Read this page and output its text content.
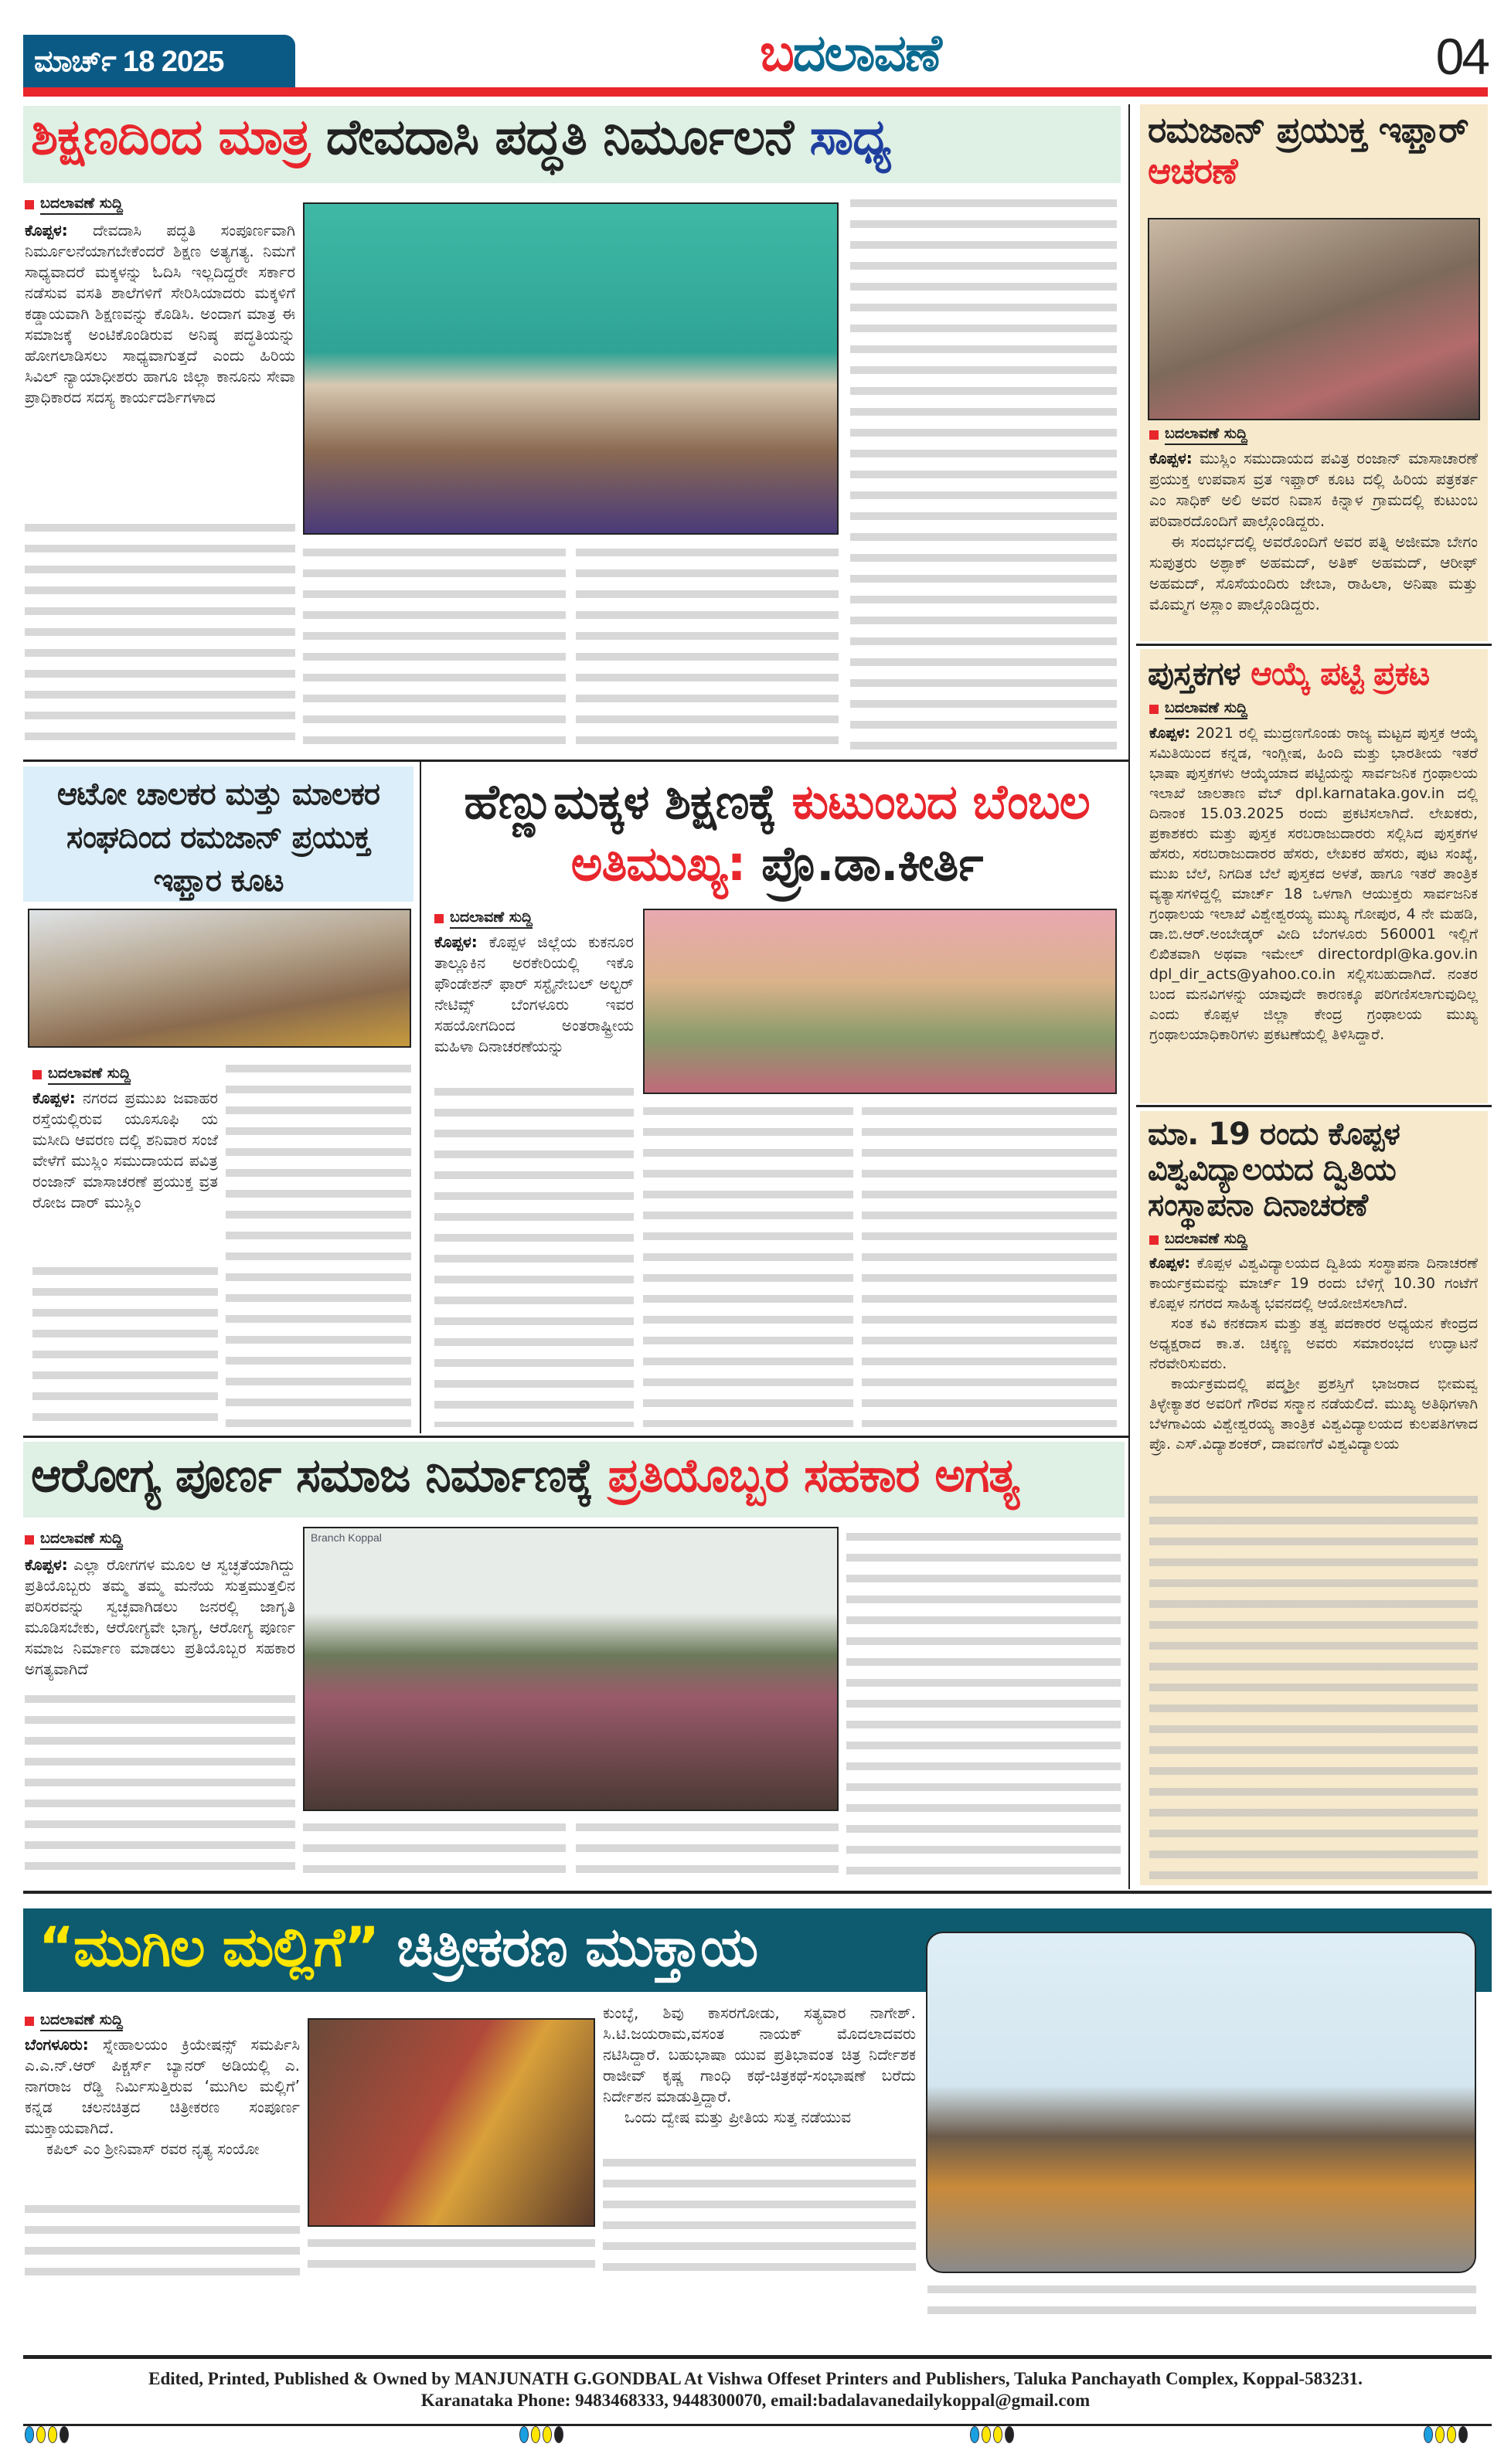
ಮಾರ್ಚ್ 18 2025	ಬದಲಾವಣೆ	04
ಶಿಕ್ಷಣದಿಂದ ಮಾತ್ರ ದೇವದಾಸಿ ಪದ್ಧತಿ ನಿರ್ಮೂಲನೆ ಸಾಧ್ಯ
ಬದಲಾವಣೆ ಸುದ್ದಿ
ಕೊಪ್ಪಳ: ದೇವದಾಸಿ ಪದ್ಧತಿ ಸಂಪೂರ್ಣವಾಗಿ ನಿರ್ಮೂಲನೆಯಾಗಬೇಕೆಂದರೆ ಶಿಕ್ಷಣ ಅತ್ಯಗತ್ಯ. ನಿಮಗೆ ಸಾಧ್ಯವಾದರೆ ಮಕ್ಕಳನ್ನು ಓದಿಸಿ ಇಲ್ಲದಿದ್ದರೇ ಸರ್ಕಾರ ನಡೆಸುವ ವಸತಿ ಶಾಲೆಗಳಿಗೆ ಸೇರಿಸಿಯಾದರು ಮಕ್ಕಳಿಗೆ ಕಡ್ಡಾಯವಾಗಿ ಶಿಕ್ಷಣವನ್ನು ಕೊಡಿಸಿ. ಅಂದಾಗ ಮಾತ್ರ ಈ ಸಮಾಜಕ್ಕೆ ಅಂಟಿಕೊಂಡಿರುವ ಅನಿಷ್ಠ ಪದ್ಧತಿಯನ್ನು ಹೋಗಲಾಡಿಸಲು ಸಾಧ್ಯವಾಗುತ್ತದೆ ಎಂದು ಹಿರಿಯ ಸಿವಿಲ್ ನ್ಯಾಯಾಧೀಶರು ಹಾಗೂ ಜಿಲ್ಲಾ ಕಾನೂನು ಸೇವಾ ಪ್ರಾಧಿಕಾರದ ಸದಸ್ಯ ಕಾರ್ಯದರ್ಶಿಗಳಾದ
ರಮಜಾನ್ ಪ್ರಯುಕ್ತ ಇಫ್ತಾರ್ ಆಚರಣೆ
ಬದಲಾವಣೆ ಸುದ್ದಿ

ಕೊಪ್ಪಳ: ಮುಸ್ಲಿಂ ಸಮುದಾಯದ ಪವಿತ್ರ ರಂಜಾನ್ ಮಾಸಾಚಾರಣೆ ಪ್ರಯುಕ್ತ ಉಪವಾಸ ವ್ರತ ಇಫ್ತಾರ್ ಕೂಟ ದಲ್ಲಿ ಹಿರಿಯ ಪತ್ರಕರ್ತ ಎಂ ಸಾಧಿಕ್ ಅಲಿ ಅವರ ನಿವಾಸ ಕಿನ್ನಾಳ ಗ್ರಾಮದಲ್ಲಿ ಕುಟುಂಬ ಪರಿವಾರದೊಂದಿಗೆ ಪಾಲ್ಗೊಂಡಿದ್ದರು.

ಈ ಸಂದರ್ಭದಲ್ಲಿ ಅವರೊಂದಿಗೆ ಅವರ ಪತ್ನಿ ಅಜೀಮಾ ಬೇಗಂ ಸುಪುತ್ರರು ಅಶ್ಫಾಕ್ ಅಹಮದ್, ಅತಿಕ್ ಅಹಮದ್, ಆರೀಫ್ ಅಹಮದ್, ಸೊಸೆಯಂದಿರು ಜೇಬಾ, ರಾಹಿಲಾ, ಅನಿಷಾ ಮತ್ತು ಮೊಮ್ಮಗ ಅಸ್ಲಾಂ ಪಾಲ್ಗೊಂಡಿದ್ದರು.

ಪುಸ್ತಕಗಳ ಆಯ್ಕೆ ಪಟ್ಟಿ ಪ್ರಕಟ
ಬದಲಾವಣೆ ಸುದ್ದಿ
ಕೊಪ್ಪಳ: 2021 ರಲ್ಲಿ ಮುದ್ರಣಗೊಂಡು ರಾಜ್ಯ ಮಟ್ಟದ ಪುಸ್ತಕ ಆಯ್ಕೆ ಸಮಿತಿಯಿಂದ ಕನ್ನಡ, ಇಂಗ್ಲೀಷ, ಹಿಂದಿ ಮತ್ತು ಭಾರತೀಯ ಇತರೆ ಭಾಷಾ ಪುಸ್ತಕಗಳು ಆಯ್ಕೆಯಾದ ಪಟ್ಟಿಯನ್ನು ಸಾರ್ವಜನಿಕ ಗ್ರಂಥಾಲಯ ಇಲಾಖೆ ಜಾಲತಾಣ ವೆಬ್ dpl.karnataka.gov.in ದಲ್ಲಿ ದಿನಾಂಕ 15.03.2025 ರಂದು ಪ್ರಕಟಿಸಲಾಗಿದೆ. ಲೇಖಕರು, ಪ್ರಕಾಶಕರು ಮತ್ತು ಪುಸ್ತಕ ಸರಬರಾಜುದಾರರು ಸಲ್ಲಿಸಿದ ಪುಸ್ತಕಗಳ ಹೆಸರು, ಸರಬರಾಜುದಾರರ ಹೆಸರು, ಲೇಖಕರ ಹೆಸರು, ಪುಟ ಸಂಖ್ಯೆ, ಮುಖ ಬೆಲೆ, ನಿಗದಿತ ಬೆಲೆ ಪುಸ್ತಕದ ಅಳತೆ, ಹಾಗೂ ಇತರೆ ತಾಂತ್ರಿಕ ವ್ಯತ್ಯಾಸಗಳಿದ್ದಲ್ಲಿ ಮಾರ್ಚ್ 18 ಒಳಗಾಗಿ ಆಯುಕ್ತರು ಸಾರ್ವಜನಿಕ ಗ್ರಂಥಾಲಯ ಇಲಾಖೆ ವಿಶ್ವೇಶ್ವರಯ್ಯ ಮುಖ್ಯ ಗೋಪುರ, 4 ನೇ ಮಹಡಿ, ಡಾ.ಬಿ.ಆರ್.ಅಂಬೇಡ್ಕರ್ ವೀದಿ ಬೆಂಗಳೂರು 560001 ಇಲ್ಲಿಗೆ ಲಿಖಿತವಾಗಿ ಅಥವಾ ಇಮೇಲ್ directordpl@ka.gov.in dpl_dir_acts@yahoo.co.in ಸಲ್ಲಿಸಬಹುದಾಗಿದೆ. ನಂತರ ಬಂದ ಮನವಿಗಳನ್ನು ಯಾವುದೇ ಕಾರಣಕ್ಕೂ ಪರಿಗಣಿಸಲಾಗುವುದಿಲ್ಲ ಎಂದು ಕೊಪ್ಪಳ ಜಿಲ್ಲಾ ಕೇಂದ್ರ ಗ್ರಂಥಾಲಯ ಮುಖ್ಯ ಗ್ರಂಥಾಲಯಾಧಿಕಾರಿಗಳು ಪ್ರಕಟಣೆಯಲ್ಲಿ ತಿಳಿಸಿದ್ದಾರೆ.
ಮಾ. 19 ರಂದು ಕೊಪ್ಪಳ ವಿಶ್ವವಿದ್ಯಾಲಯದ ದ್ವಿತಿಯ ಸಂಸ್ಥಾಪನಾ ದಿನಾಚರಣೆ
ಬದಲಾವಣೆ ಸುದ್ದಿ

ಕೊಪ್ಪಳ: ಕೊಪ್ಪಳ ವಿಶ್ವವಿದ್ಯಾಲಯದ ದ್ವಿತಿಯ ಸಂಸ್ಥಾಪನಾ ದಿನಾಚರಣೆ ಕಾರ್ಯಕ್ರಮವನ್ನು ಮಾರ್ಚ್ 19 ರಂದು ಬೆಳಿಗ್ಗೆ 10.30 ಗಂಟೆಗೆ ಕೊಪ್ಪಳ ನಗರದ ಸಾಹಿತ್ಯ ಭವನದಲ್ಲಿ ಆಯೋಜಿಸಲಾಗಿದೆ.

ಸಂತ ಕವಿ ಕನಕದಾಸ ಮತ್ತು ತತ್ವ ಪದಕಾರರ ಅಧ್ಯಯನ ಕೇಂದ್ರದ ಅಧ್ಯಕ್ಷರಾದ ಕಾ.ತ. ಚಿಕ್ಕಣ್ಣ ಅವರು ಸಮಾರಂಭದ ಉದ್ಘಾಟನೆ ನೆರವೇರಿಸುವರು.

ಕಾರ್ಯಕ್ರಮದಲ್ಲಿ ಪದ್ಮಶ್ರೀ ಪ್ರಶಸ್ತಿಗೆ ಭಾಜರಾದ ಭೀಮವ್ವ ತಿಳ್ಳೇಕ್ಯಾತರ ಅವರಿಗೆ ಗೌರವ ಸನ್ಮಾನ ನಡೆಯಲಿದೆ. ಮುಖ್ಯ ಅತಿಥಿಗಳಾಗಿ ಬೆಳಗಾವಿಯ ವಿಶ್ವೇಶ್ವರಯ್ಯ ತಾಂತ್ರಿಕ ವಿಶ್ವವಿದ್ಯಾಲಯದ ಕುಲಪತಿಗಳಾದ ಪ್ರೊ. ಎಸ್.ವಿದ್ಯಾಶಂಕರ್, ದಾವಣಗೆರೆ ವಿಶ್ವವಿದ್ಯಾಲಯ

ಆಟೋ ಚಾಲಕರ ಮತ್ತು ಮಾಲಕರ ಸಂಘದಿಂದ ರಮಜಾನ್ ಪ್ರಯುಕ್ತ ಇಫ್ತಾರ ಕೂಟ
ಬದಲಾವಣೆ ಸುದ್ದಿ
ಕೊಪ್ಪಳ: ನಗರದ ಪ್ರಮುಖ ಜವಾಹರ ರಸ್ತೆಯಲ್ಲಿರುವ ಯೂಸೂಫಿ ಯ ಮಸೀದಿ ಆವರಣ ದಲ್ಲಿ ಶನಿವಾರ ಸಂಜೆ ವೇಳೆಗೆ ಮುಸ್ಲಿಂ ಸಮುದಾಯದ ಪವಿತ್ರ ರಂಜಾನ್ ಮಾಸಾಚರಣೆ ಪ್ರಯುಕ್ತ ವ್ರತ ರೋಜ ದಾರ್ ಮುಸ್ಲಿಂ
ಹೆಣ್ಣುಮಕ್ಕಳ ಶಿಕ್ಷಣಕ್ಕೆ ಕುಟುಂಬದ ಬೆಂಬಲ ಅತಿಮುಖ್ಯ: ಪ್ರೊ.ಡಾ.ಕೀರ್ತಿ
ಬದಲಾವಣೆ ಸುದ್ದಿ
ಕೊಪ್ಪಳ: ಕೊಪ್ಪಳ ಜಿಲ್ಲೆಯ ಕುಕನೂರ ತಾಲ್ಲೂಕಿನ ಅರಕೇರಿಯಲ್ಲಿ ಇಕೊ ಫೌಂಡೇಶನ್ ಫಾರ್ ಸಸ್ಟೈನೇಬಲ್ ಅಲ್ಟರ್ ನೇಟಿವ್ಸ್ ಬೆಂಗಳೂರು ಇವರ ಸಹಯೋಗದಿಂದ ಅಂತರಾಷ್ಟ್ರೀಯ ಮಹಿಳಾ ದಿನಾಚರಣೆಯನ್ನು
ಆರೋಗ್ಯ ಪೂರ್ಣ ಸಮಾಜ ನಿರ್ಮಾಣಕ್ಕೆ ಪ್ರತಿಯೊಬ್ಬರ ಸಹಕಾರ ಅಗತ್ಯ
ಬದಲಾವಣೆ ಸುದ್ದಿ
ಕೊಪ್ಪಳ: ಎಲ್ಲಾ ರೋಗಗಳ ಮೂಲ ಆ ಸ್ವಚ್ಛತೆಯಾಗಿದ್ದು ಪ್ರತಿಯೊಬ್ಬರು ತಮ್ಮ ತಮ್ಮ ಮನೆಯ ಸುತ್ತಮುತ್ತಲಿನ ಪರಿಸರವನ್ನು ಸ್ವಚ್ಛವಾಗಿಡಲು ಜನರಲ್ಲಿ ಜಾಗೃತಿ ಮೂಡಿಸಬೇಕು, ಆರೋಗ್ಯವೇ ಭಾಗ್ಯ, ಆರೋಗ್ಯ ಪೂರ್ಣ ಸಮಾಜ ನಿರ್ಮಾಣ ಮಾಡಲು ಪ್ರತಿಯೊಬ್ಬರ ಸಹಕಾರ ಅಗತ್ಯವಾಗಿದೆ
Branch Koppal
“ಮುಗಿಲ ಮಲ್ಲಿಗೆ” ಚಿತ್ರೀಕರಣ ಮುಕ್ತಾಯ
ಬದಲಾವಣೆ ಸುದ್ದಿ

ಬೆಂಗಳೂರು: ಸ್ನೇಹಾಲಯಂ ಕ್ರಿಯೇಷನ್ಸ್ ಸಮರ್ಪಿಸಿ ಎ.ಎ.ನ್.ಆರ್ ಪಿಕ್ಚರ್ಸ್ ಬ್ಯಾನರ್ ಅಡಿಯಲ್ಲಿ ಎ. ನಾಗರಾಜ ರೆಡ್ಡಿ ನಿರ್ಮಿಸುತ್ತಿರುವ ‘ಮುಗಿಲ ಮಲ್ಲಿಗೆ’ ಕನ್ನಡ ಚಲನಚಿತ್ರದ ಚಿತ್ರೀಕರಣ ಸಂಪೂರ್ಣ ಮುಕ್ತಾಯವಾಗಿದೆ.

ಕಪಿಲ್ ಎಂ ಶ್ರೀನಿವಾಸ್ ರವರ ನೃತ್ಯ ಸಂಯೋ

ಕುಂಬ್ಳೆ, ಶಿವು ಕಾಸರಗೋಡು, ಸತ್ಯವಾರ ನಾಗೇಶ್. ಸಿ.ಟಿ.ಜಯರಾಮ,ವಸಂತ ನಾಯಕ್ ಮೊದಲಾದವರು ನಟಿಸಿದ್ದಾರೆ. ಬಹುಭಾಷಾ ಯುವ ಪ್ರತಿಭಾವಂತ ಚಿತ್ರ ನಿರ್ದೇಶಕ ರಾಜೀವ್ ಕೃಷ್ಣ ಗಾಂಧಿ ಕಥೆ-ಚಿತ್ರಕಥೆ-ಸಂಭಾಷಣೆ ಬರೆದು ನಿರ್ದೇಶನ ಮಾಡುತ್ತಿದ್ದಾರೆ.

ಒಂದು ದ್ವೇಷ ಮತ್ತು ಪ್ರೀತಿಯ ಸುತ್ತ ನಡೆಯುವ

Edited, Printed, Published & Owned by MANJUNATH G.GONDBAL At Vishwa Offeset Printers and Publishers, Taluka Panchayath Complex, Koppal-583231.
Karanataka Phone: 9483468333, 9448300070, email:badalavanedailykoppal@gmail.com
